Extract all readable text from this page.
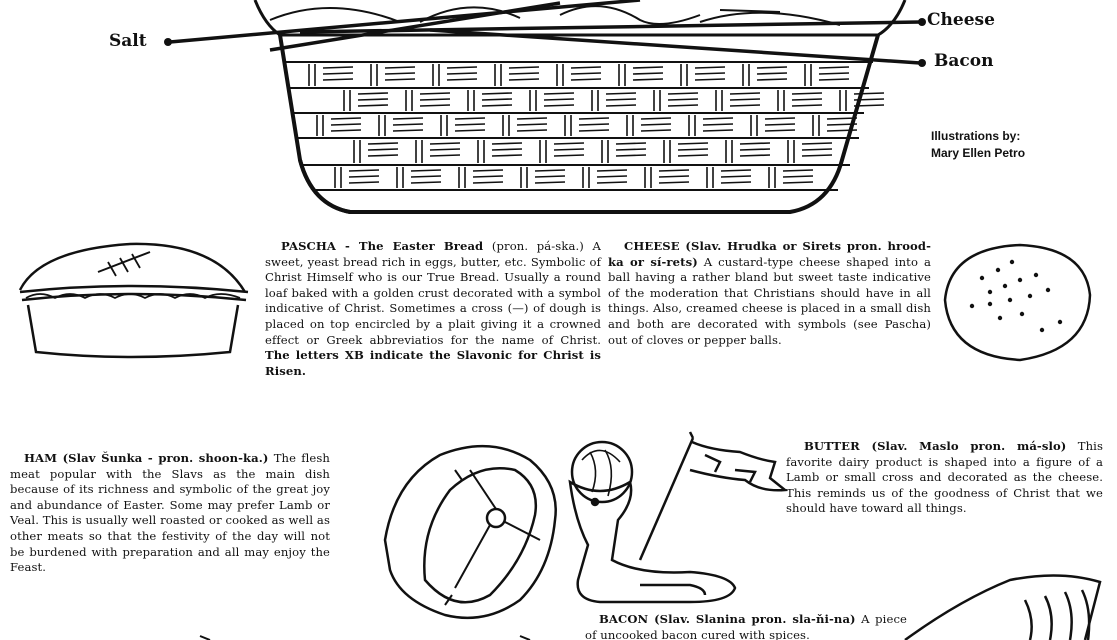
Salt
Cheese
Bacon
Illustrations by:
Mary Ellen Petro
PASCHA - The Easter Bread (pron. pá-ska.) A sweet, yeast bread rich in eggs, butter, etc. Symbolic of Christ Himself who is our True Bread. Usually a round loaf baked with a golden crust decorated with a symbol indicative of Christ. Sometimes a cross (—) of dough is placed on top encircled by a plait giving it a crowned effect or Greek abbreviatios for the name of Christ. The letters XB indicate the Slavonic for Christ is Risen.
CHEESE (Slav. Hrudka or Sirets pron. hrood-ka or sí-rets) A custard-type cheese shaped into a ball having a rather bland but sweet taste indicative of the moderation that Christians should have in all things. Also, creamed cheese is placed in a small dish and both are decorated with symbols (see Pascha) out of cloves or pepper balls.
HAM (Slav Šunka - pron. shoon-ka.) The flesh meat popular with the Slavs as the main dish because of its richness and symbolic of the great joy and abundance of Easter. Some may prefer Lamb or Veal. This is usually well roasted or cooked as well as other meats so that the festivity of the day will not be burdened with preparation and all may enjoy the Feast.
BUTTER (Slav. Maslo pron. má-slo) This favorite dairy product is shaped into a figure of a Lamb or small cross and decorated as the cheese. This reminds us of the goodness of Christ that we should have toward all things.
BACON (Slav. Slanina pron. sla-ňi-na) A piece of uncooked bacon cured with spices.
